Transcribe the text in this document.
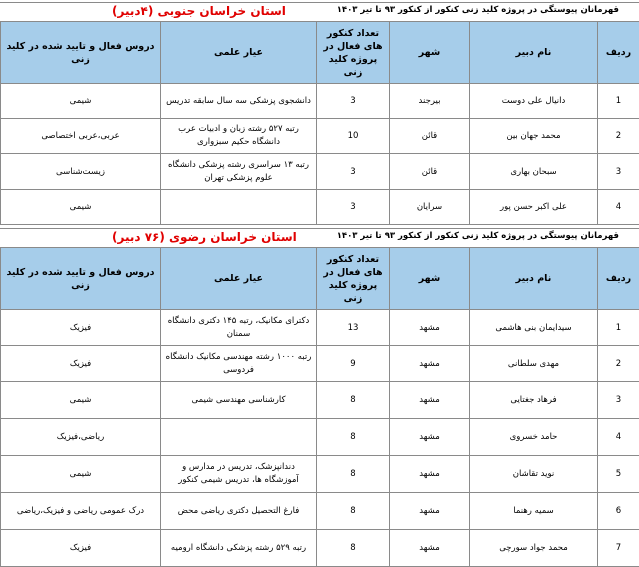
قهرمانان پیوستگی در پروژه کلید زنی کنکور از کنکور ۹۳ تا تیر ۱۴۰۳
استان خراسان جنوبی (۴دبیر)
ردیف	نام دبیر	شهر	تعداد کنکور های فعال در پروژه کلید زنی	عیار علمی	دروس فعال و تایید شده در کلید زنی
1	دانیال علی دوست	بیرجند	3	دانشجوی پزشکی سه سال سابقه تدریس	شیمی
2	محمد جهان بین	قائن	10	رتبه ۵۲۷ رشته زبان و ادبیات عرب دانشگاه حکیم سبزواری	عربی،عربی اختصاصی
3	سبحان بهاری	قائن	3	رتبه ۱۳ سراسری رشته پزشکی دانشگاه علوم پزشکی تهران	زیست‌شناسی
4	علی اکبر حسن پور	سرایان	3		شیمی
قهرمانان پیوستگی در پروژه کلید زنی کنکور از کنکور ۹۳ تا تیر ۱۴۰۳
استان خراسان رضوی (۷۶ دبیر)
ردیف	نام دبیر	شهر	تعداد کنکور های فعال در پروژه کلید زنی	عیار علمی	دروس فعال و تایید شده در کلید زنی
1	سیدایمان بنی هاشمی	مشهد	13	دکترای مکانیک، رتبه ۱۴۵ دکتری دانشگاه سمنان	فیزیک
2	مهدی سلطانی	مشهد	9	رتبه ۱۰۰۰ رشته مهندسی مکانیک دانشگاه فردوسی	فیزیک
3	فرهاد جغتایی	مشهد	8	کارشناسی مهندسی شیمی	شیمی
4	حامد خسروی	مشهد	8		ریاضی،فیزیک
5	نوید تقاشان	مشهد	8	دندانپزشک، تدریس در مدارس و آموزشگاه ها، تدریس شیمی کنکور	شیمی
6	سمیه رهنما	مشهد	8	فارغ التحصیل دکتری ریاضی محض	درک عمومی ریاضی و فیزیک،ریاضی
7	محمد جواد سورچی	مشهد	8	رتبه ۵۲۹ رشته پزشکی دانشگاه ارومیه	فیزیک
